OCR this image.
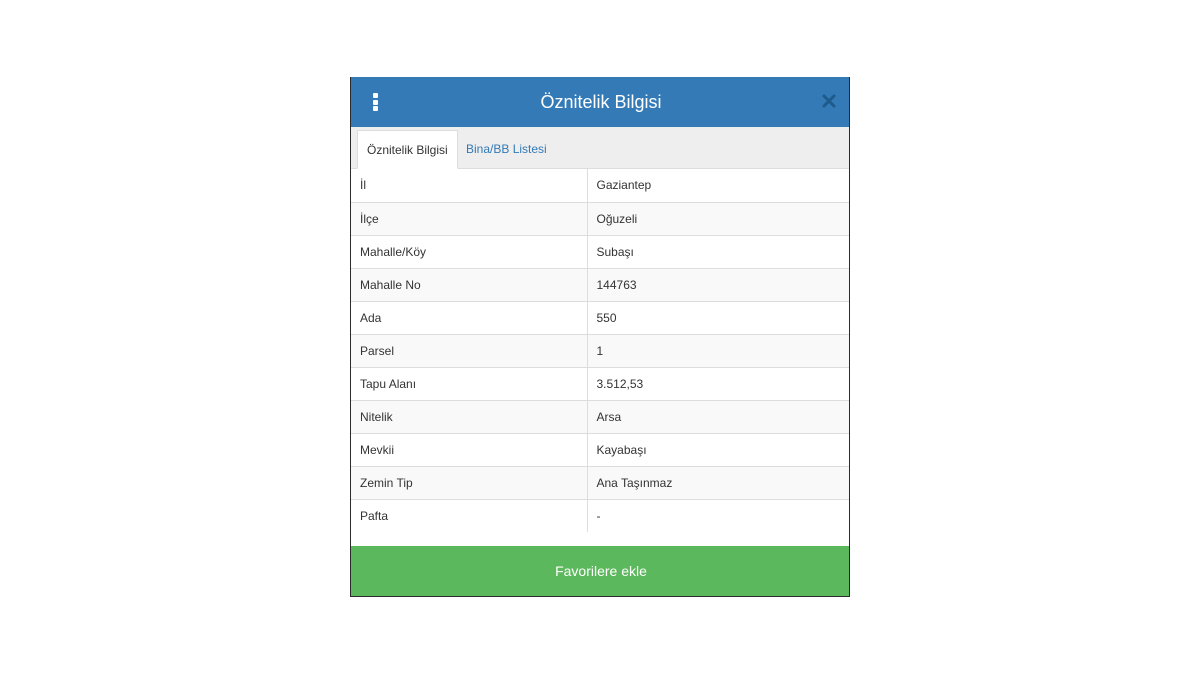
Öznitelik Bilgisi
Öznitelik Bilgisi	Bina/BB Listesi
İl	Gaziantep
İlçe	Oğuzeli
Mahalle/Köy	Subaşı
Mahalle No	144763
Ada	550
Parsel	1
Tapu Alanı	3.512,53
Nitelik	Arsa
Mevkii	Kayabaşı
Zemin Tip	Ana Taşınmaz
Pafta	-
Favorilere ekle
